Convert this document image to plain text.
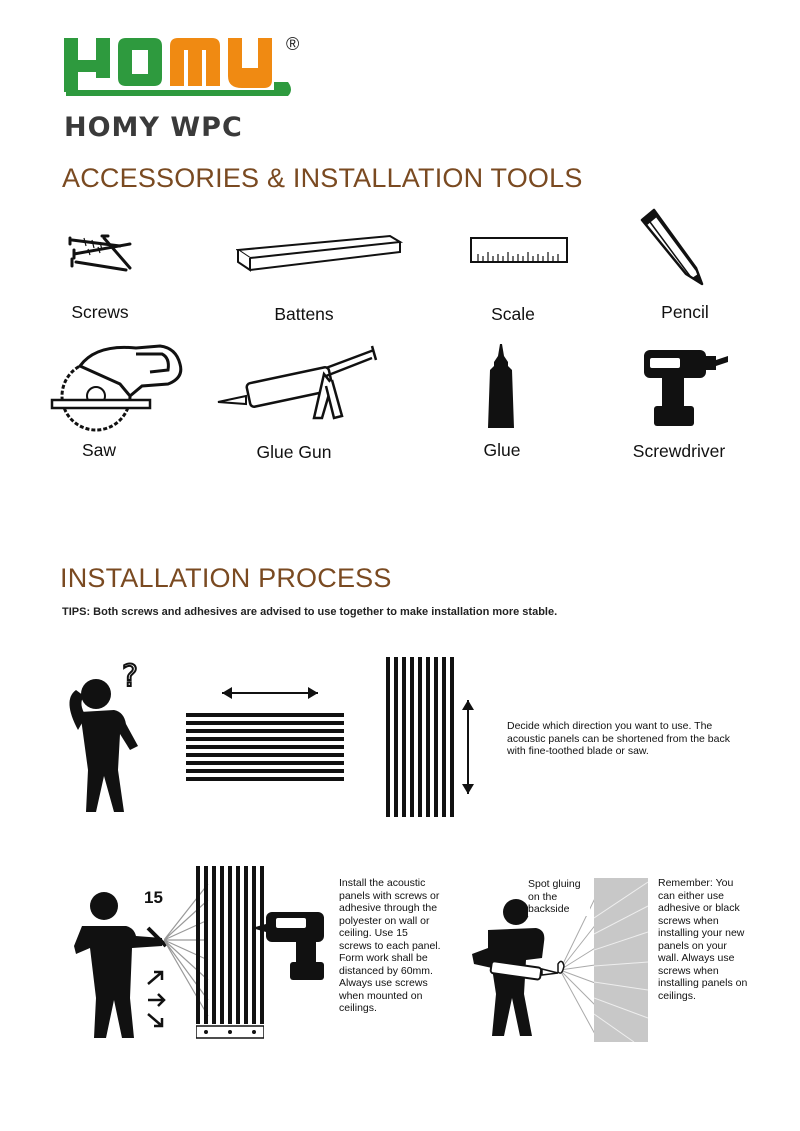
®
HOMY WPC
ACCESSORIES & INSTALLATION TOOLS
Screws	Battens	Scale	Pencil
Saw	Glue Gun	Glue	Screwdriver
INSTALLATION PROCESS
TIPS: Both screws and adhesives are advised to use together to make installation more stable.
?
Decide which direction you want to use. The acoustic panels can be shortened from the back with fine-toothed blade or saw.
15
Install the acoustic panels with screws or adhesive through the polyester on wall or ceiling. Use 15 screws to each panel. Form work shall be distanced by 60mm. Always use screws when mounted on ceilings.
Spot gluing on the backside
Remember: You can either use adhesive or black screws when installing your new panels on your wall. Always use screws when installing panels on ceilings.
